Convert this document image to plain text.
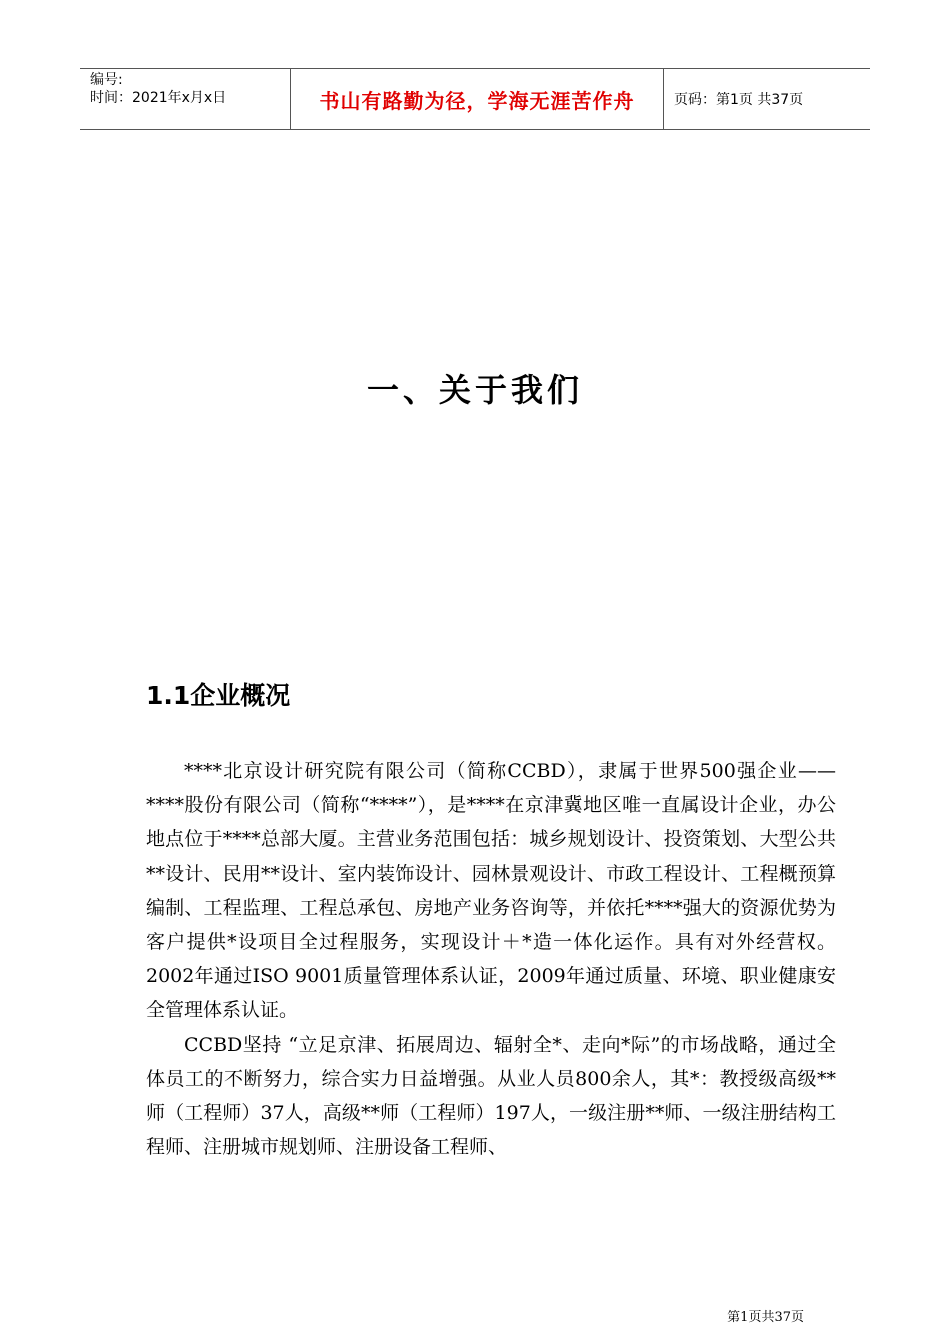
编号:
时间：2021年x月x日	书山有路勤为径，学海无涯苦作舟	页码：第1页 共37页
一、关于我们
1.1企业概况

****北京设计研究院有限公司（简称CCBD），隶属于世界500强企业——****股份有限公司（简称“****”），是****在京津冀地区唯一直属设计企业，办公地点位于****总部大厦。主营业务范围包括：城乡规划设计、投资策划、大型公共**设计、民用**设计、室内装饰设计、园林景观设计、市政工程设计、工程概预算编制、工程监理、工程总承包、房地产业务咨询等，并依托****强大的资源优势为客户提供*设项目全过程服务，实现设计＋*造一体化运作。具有对外经营权。2002年通过ISO 9001质量管理体系认证，2009年通过质量、环境、职业健康安全管理体系认证。

CCBD坚持 “立足京津、拓展周边、辐射全*、走向*际”的市场战略，通过全体员工的不断努力，综合实力日益增强。从业人员800余人，其*：教授级高级**师（工程师）37人，高级**师（工程师）197人，一级注册**师、一级注册结构工程师、注册城市规划师、注册设备工程师、

第1页共37页
